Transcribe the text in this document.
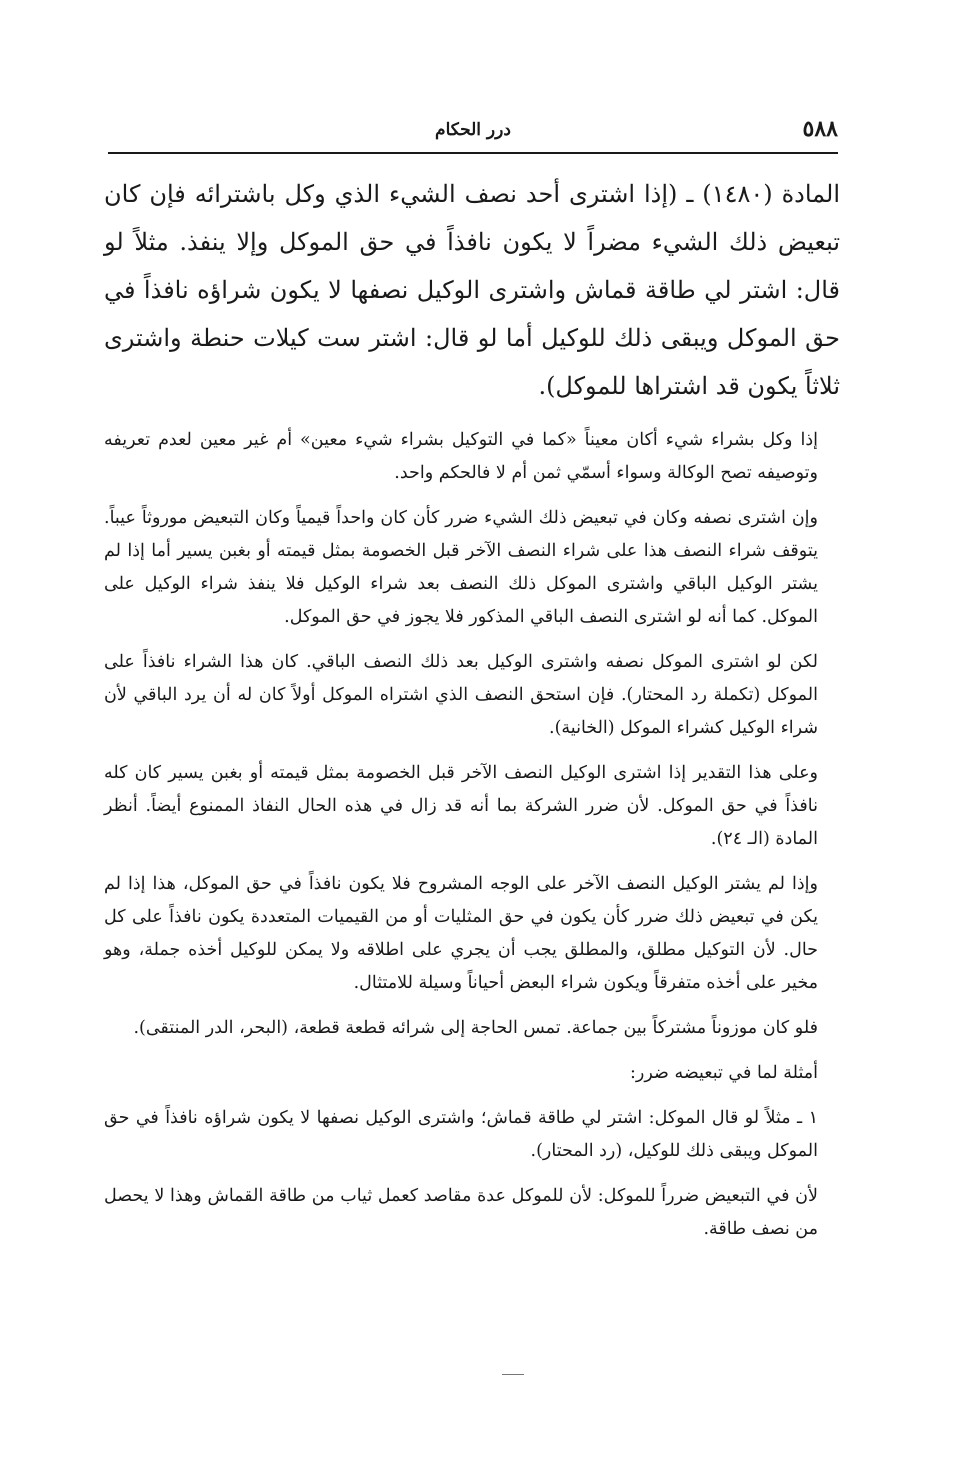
٥٨٨
درر الحكام

المادة (١٤٨٠) ـ (إذا اشترى أحد نصف الشيء الذي وكل باشترائه فإن كان تبعيض ذلك الشيء مضراً لا يكون نافذاً في حق الموكل وإلا ينفذ. مثلاً لو قال: اشتر لي طاقة قماش واشترى الوكيل نصفها لا يكون شراؤه نافذاً في حق الموكل ويبقى ذلك للوكيل أما لو قال: اشتر ست كيلات حنطة واشترى ثلاثاً يكون قد اشتراها للموكل).

إذا وكل بشراء شيء أكان معيناً «كما في التوكيل بشراء شيء معين» أم غير معين لعدم تعريفه وتوصيفه تصح الوكالة وسواء أسمّي ثمن أم لا فالحكم واحد.

وإن اشترى نصفه وكان في تبعيض ذلك الشيء ضرر كأن كان واحداً قيمياً وكان التبعيض موروثاً عيباً. يتوقف شراء النصف هذا على شراء النصف الآخر قبل الخصومة بمثل قيمته أو بغبن يسير أما إذا لم يشتر الوكيل الباقي واشترى الموكل ذلك النصف بعد شراء الوكيل فلا ينفذ شراء الوكيل على الموكل. كما أنه لو اشترى النصف الباقي المذكور فلا يجوز في حق الموكل.

لكن لو اشترى الموكل نصفه واشترى الوكيل بعد ذلك النصف الباقي. كان هذا الشراء نافذاً على الموكل (تكملة رد المحتار). فإن استحق النصف الذي اشتراه الموكل أولاً كان له أن يرد الباقي لأن شراء الوكيل كشراء الموكل (الخانية).

وعلى هذا التقدير إذا اشترى الوكيل النصف الآخر قبل الخصومة بمثل قيمته أو بغبن يسير كان كله نافذاً في حق الموكل. لأن ضرر الشركة بما أنه قد زال في هذه الحال النفاذ الممنوع أيضاً. أنظر المادة (الـ ٢٤).

وإذا لم يشتر الوكيل النصف الآخر على الوجه المشروح فلا يكون نافذاً في حق الموكل، هذا إذا لم يكن في تبعيض ذلك ضرر كأن يكون في حق المثليات أو من القيميات المتعددة يكون نافذاً على كل حال. لأن التوكيل مطلق، والمطلق يجب أن يجري على اطلاقه ولا يمكن للوكيل أخذه جملة، وهو مخير على أخذه متفرقاً ويكون شراء البعض أحياناً وسيلة للامتثال.

فلو كان موزوناً مشتركاً بين جماعة. تمس الحاجة إلى شرائه قطعة قطعة، (البحر، الدر المنتقى).

أمثلة لما في تبعيضه ضرر:

١ ـ مثلاً لو قال الموكل: اشتر لي طاقة قماش؛ واشترى الوكيل نصفها لا يكون شراؤه نافذاً في حق الموكل ويبقى ذلك للوكيل، (رد المحتار).

لأن في التبعيض ضرراً للموكل: لأن للموكل عدة مقاصد كعمل ثياب من طاقة القماش وهذا لا يحصل من نصف طاقة.
